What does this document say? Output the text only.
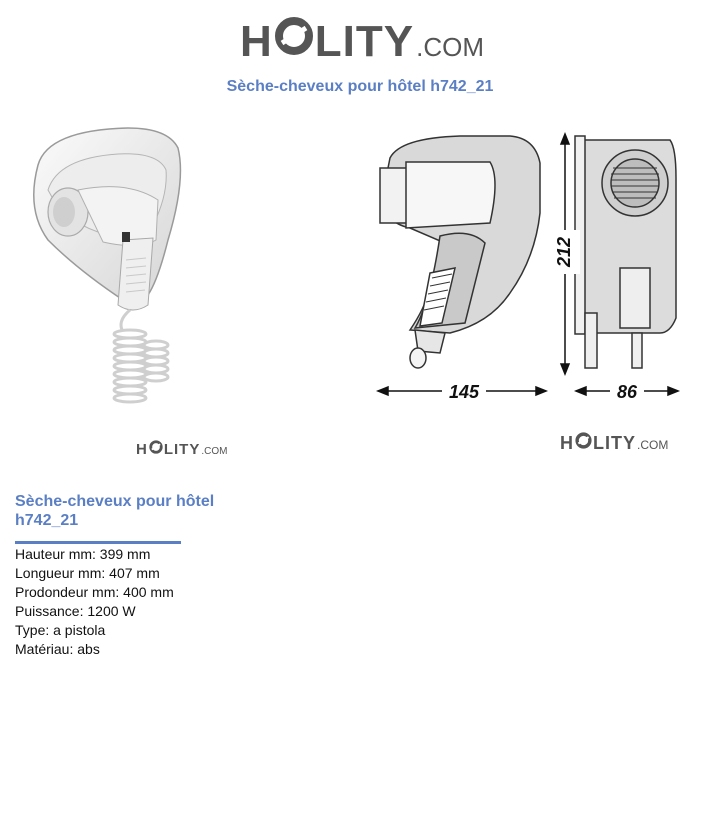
H LITY .COM
Sèche-cheveux pour hôtel h742_21
H LITY .COM
212
145	86
H LITY .COM
Sèche-cheveux pour hôtel h742_21
Hauteur mm: 399 mm
Longueur mm: 407 mm
Prodondeur mm: 400 mm
Puissance: 1200 W
Type: a pistola
Matériau: abs
